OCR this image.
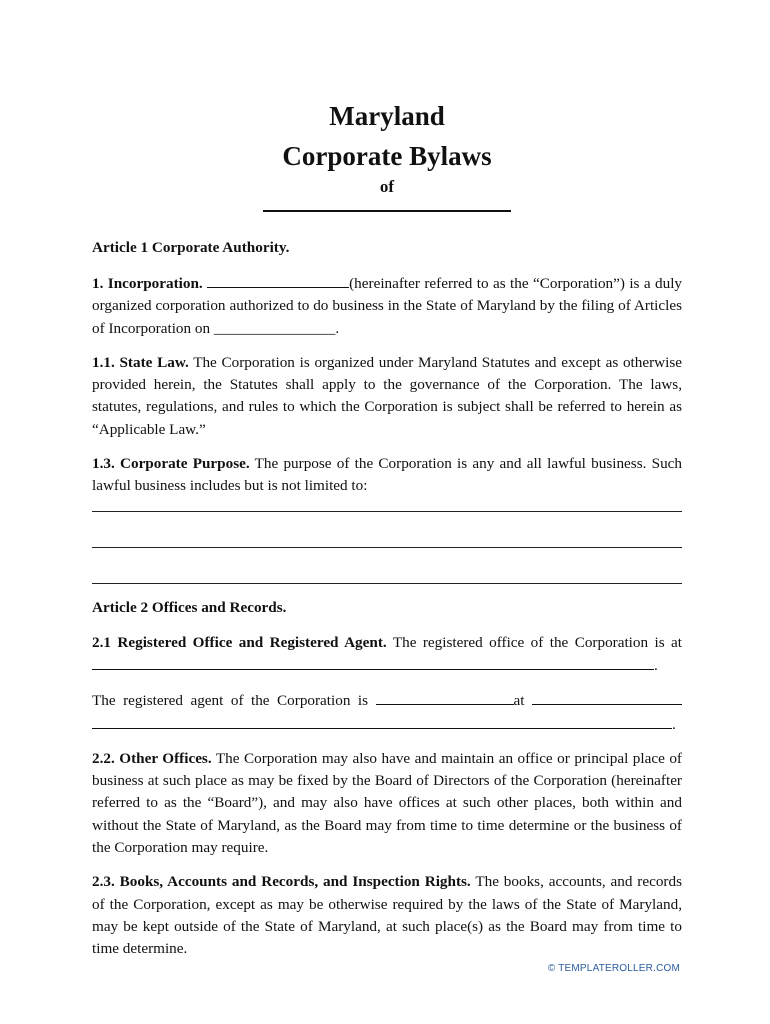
Maryland

Corporate Bylaws

of

Article 1 Corporate Authority.

1. Incorporation.	(hereinafter referred to as the “Corporation”) is a duly organized corporation authorized to do business in the State of Maryland by the filing of Articles of Incorporation on ________________.

1.1. State Law. The Corporation is organized under Maryland Statutes and except as otherwise provided herein, the Statutes shall apply to the governance of the Corporation. The laws, statutes, regulations, and rules to which the Corporation is subject shall be referred to herein as “Applicable Law.”

1.3. Corporate Purpose. The purpose of the Corporation is any and all lawful business. Such lawful business includes but is not limited to:

Article 2 Offices and Records.

2.1 Registered Office and Registered Agent. The registered office of the Corporation is at .

The registered agent of the Corporation is	at  .

2.2. Other Offices. The Corporation may also have and maintain an office or principal place of business at such place as may be fixed by the Board of Directors of the Corporation (hereinafter referred to as the “Board”), and may also have offices at such other places, both within and without the State of Maryland, as the Board may from time to time determine or the business of the Corporation may require.

2.3. Books, Accounts and Records, and Inspection Rights. The books, accounts, and records of the Corporation, except as may be otherwise required by the laws of the State of Maryland, may be kept outside of the State of Maryland, at such place(s) as the Board may from time to time determine.

© TEMPLATEROLLER.COM
